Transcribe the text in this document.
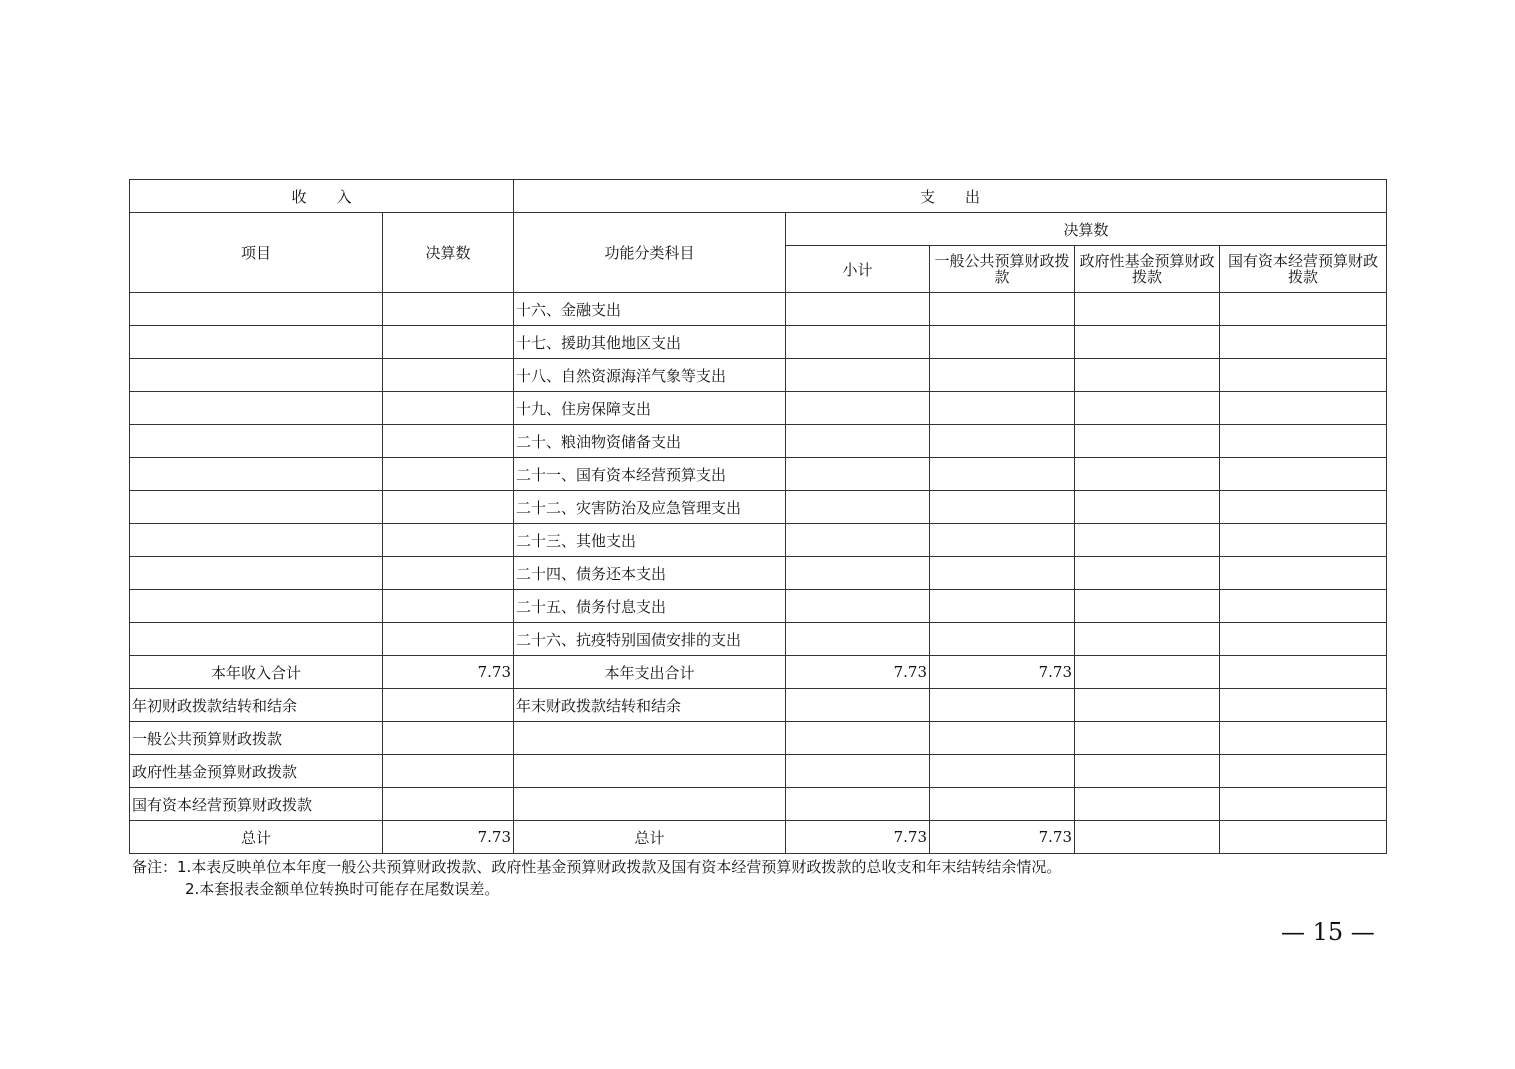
收　　入		支　　出				
项目	决算数	功能分类科目	决算数			
			小计	一般公共预算财政拨款	政府性基金预算财政拨款	国有资本经营预算财政拨款
		十六、金融支出				
		十七、援助其他地区支出				
		十八、自然资源海洋气象等支出				
		十九、住房保障支出				
		二十、粮油物资储备支出				
		二十一、国有资本经营预算支出				
		二十二、灾害防治及应急管理支出				
		二十三、其他支出				
		二十四、债务还本支出				
		二十五、债务付息支出				
		二十六、抗疫特别国债安排的支出				
本年收入合计	7.73	本年支出合计	7.73	7.73		
年初财政拨款结转和结余		年末财政拨款结转和结余				
一般公共预算财政拨款						
政府性基金预算财政拨款						
国有资本经营预算财政拨款						
总计	7.73	总计	7.73	7.73		
备注：1.本表反映单位本年度一般公共预算财政拨款、政府性基金预算财政拨款及国有资本经营预算财政拨款的总收支和年末结转结余情况。
2.本套报表金额单位转换时可能存在尾数误差。
— 15 —
